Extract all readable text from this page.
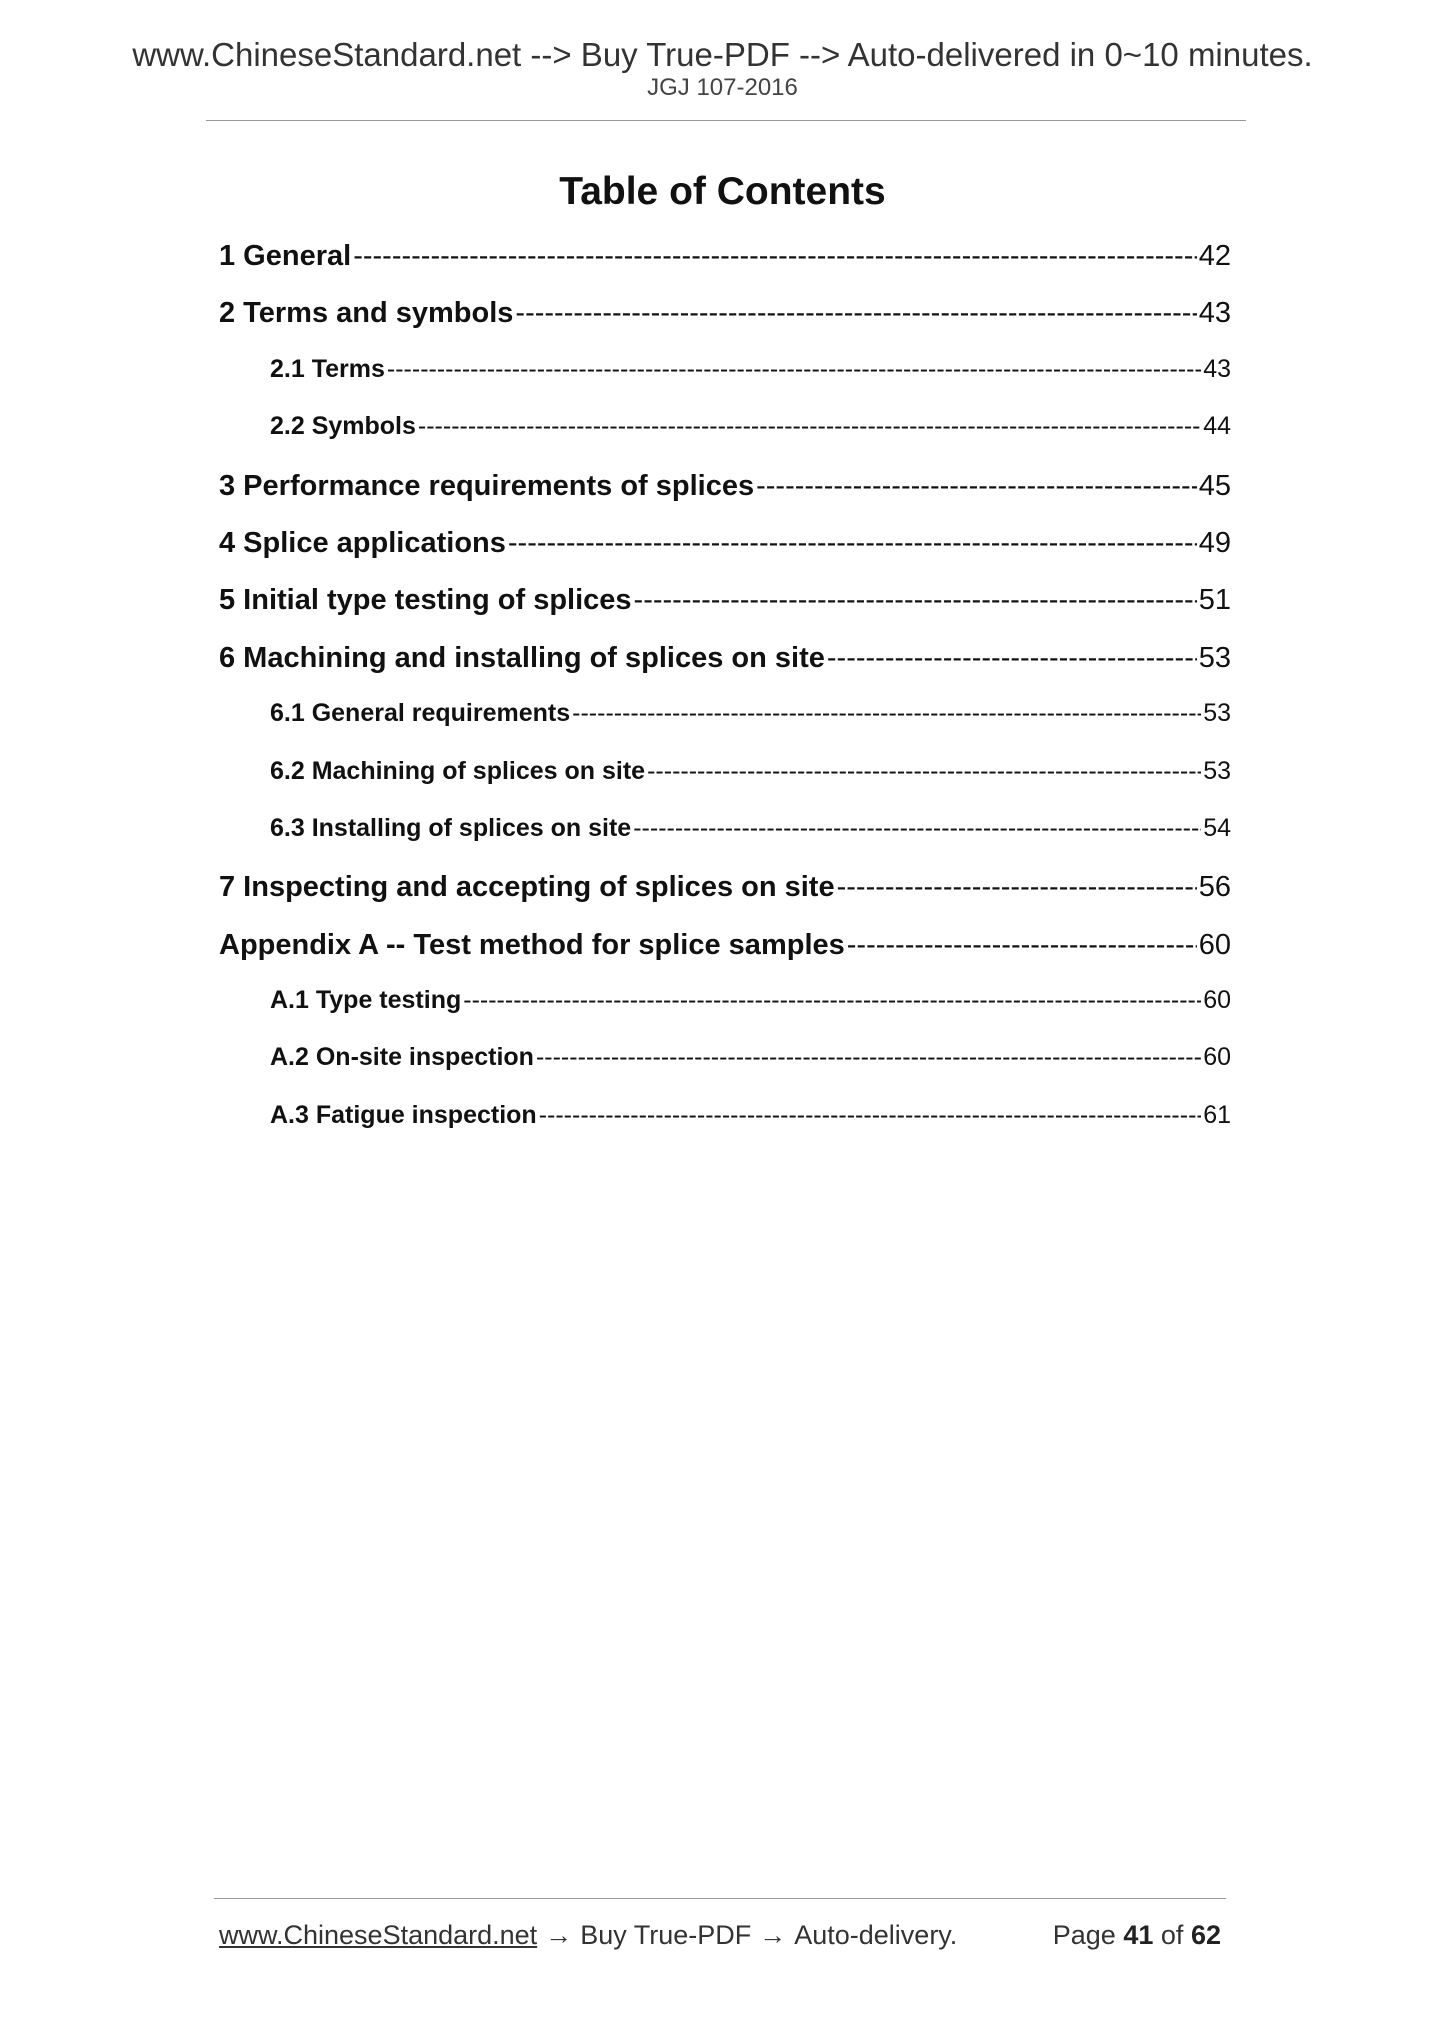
www.ChineseStandard.net --> Buy True-PDF --> Auto-delivered in 0~10 minutes.
JGJ 107-2016
Table of Contents
1 General -----	42
2 Terms and symbols -----	43
2.1 Terms -----	43
2.2 Symbols -----	44
3 Performance requirements of splices -----	45
4 Splice applications -----	49
5 Initial type testing of splices -----	51
6 Machining and installing of splices on site -----	53
6.1 General requirements -----	53
6.2 Machining of splices on site -----	53
6.3 Installing of splices on site -----	54
7 Inspecting and accepting of splices on site -----	56
Appendix A -- Test method for splice samples -----	60
A.1 Type testing -----	60
A.2 On-site inspection -----	60
A.3 Fatigue inspection -----	61
www.ChineseStandard.net → Buy True-PDF → Auto-delivery.	Page 41 of 62
